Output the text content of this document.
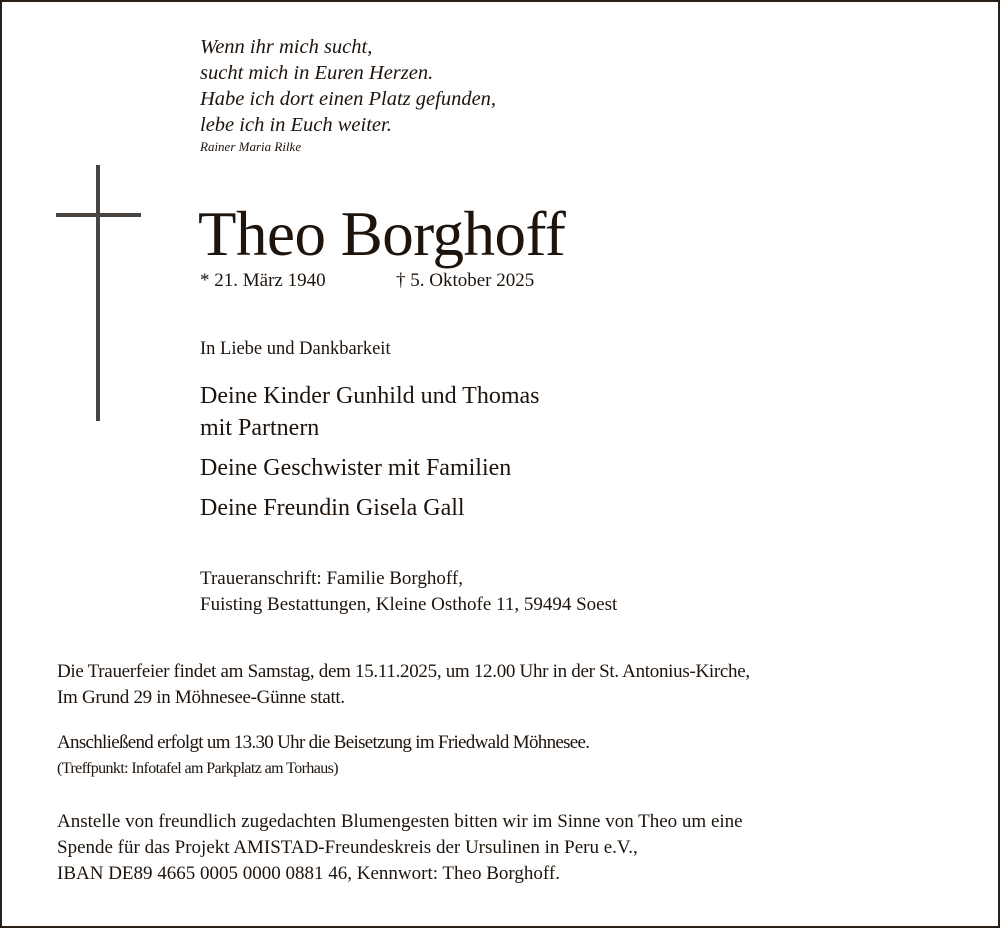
Wenn ihr mich sucht,
sucht mich in Euren Herzen.
Habe ich dort einen Platz gefunden,
lebe ich in Euch weiter.
Rainer Maria Rilke
Theo Borghoff
* 21. März 1940	† 5. Oktober 2025
In Liebe und Dankbarkeit
Deine Kinder Gunhild und Thomas
mit Partnern
Deine Geschwister mit Familien
Deine Freundin Gisela Gall
Traueranschrift: Familie Borghoff,
Fuisting Bestattungen, Kleine Osthofe 11, 59494 Soest
Die Trauerfeier findet am Samstag, dem 15.11.2025, um 12.00 Uhr in der St. Antonius-Kirche,
Im Grund 29 in Möhnesee-Günne statt.
Anschließend erfolgt um 13.30 Uhr die Beisetzung im Friedwald Möhnesee.
(Treffpunkt: Infotafel am Parkplatz am Torhaus)
Anstelle von freundlich zugedachten Blumengesten bitten wir im Sinne von Theo um eine
Spende für das Projekt AMISTAD-Freundeskreis der Ursulinen in Peru e.V.,
IBAN DE89 4665 0005 0000 0881 46, Kennwort: Theo Borghoff.
